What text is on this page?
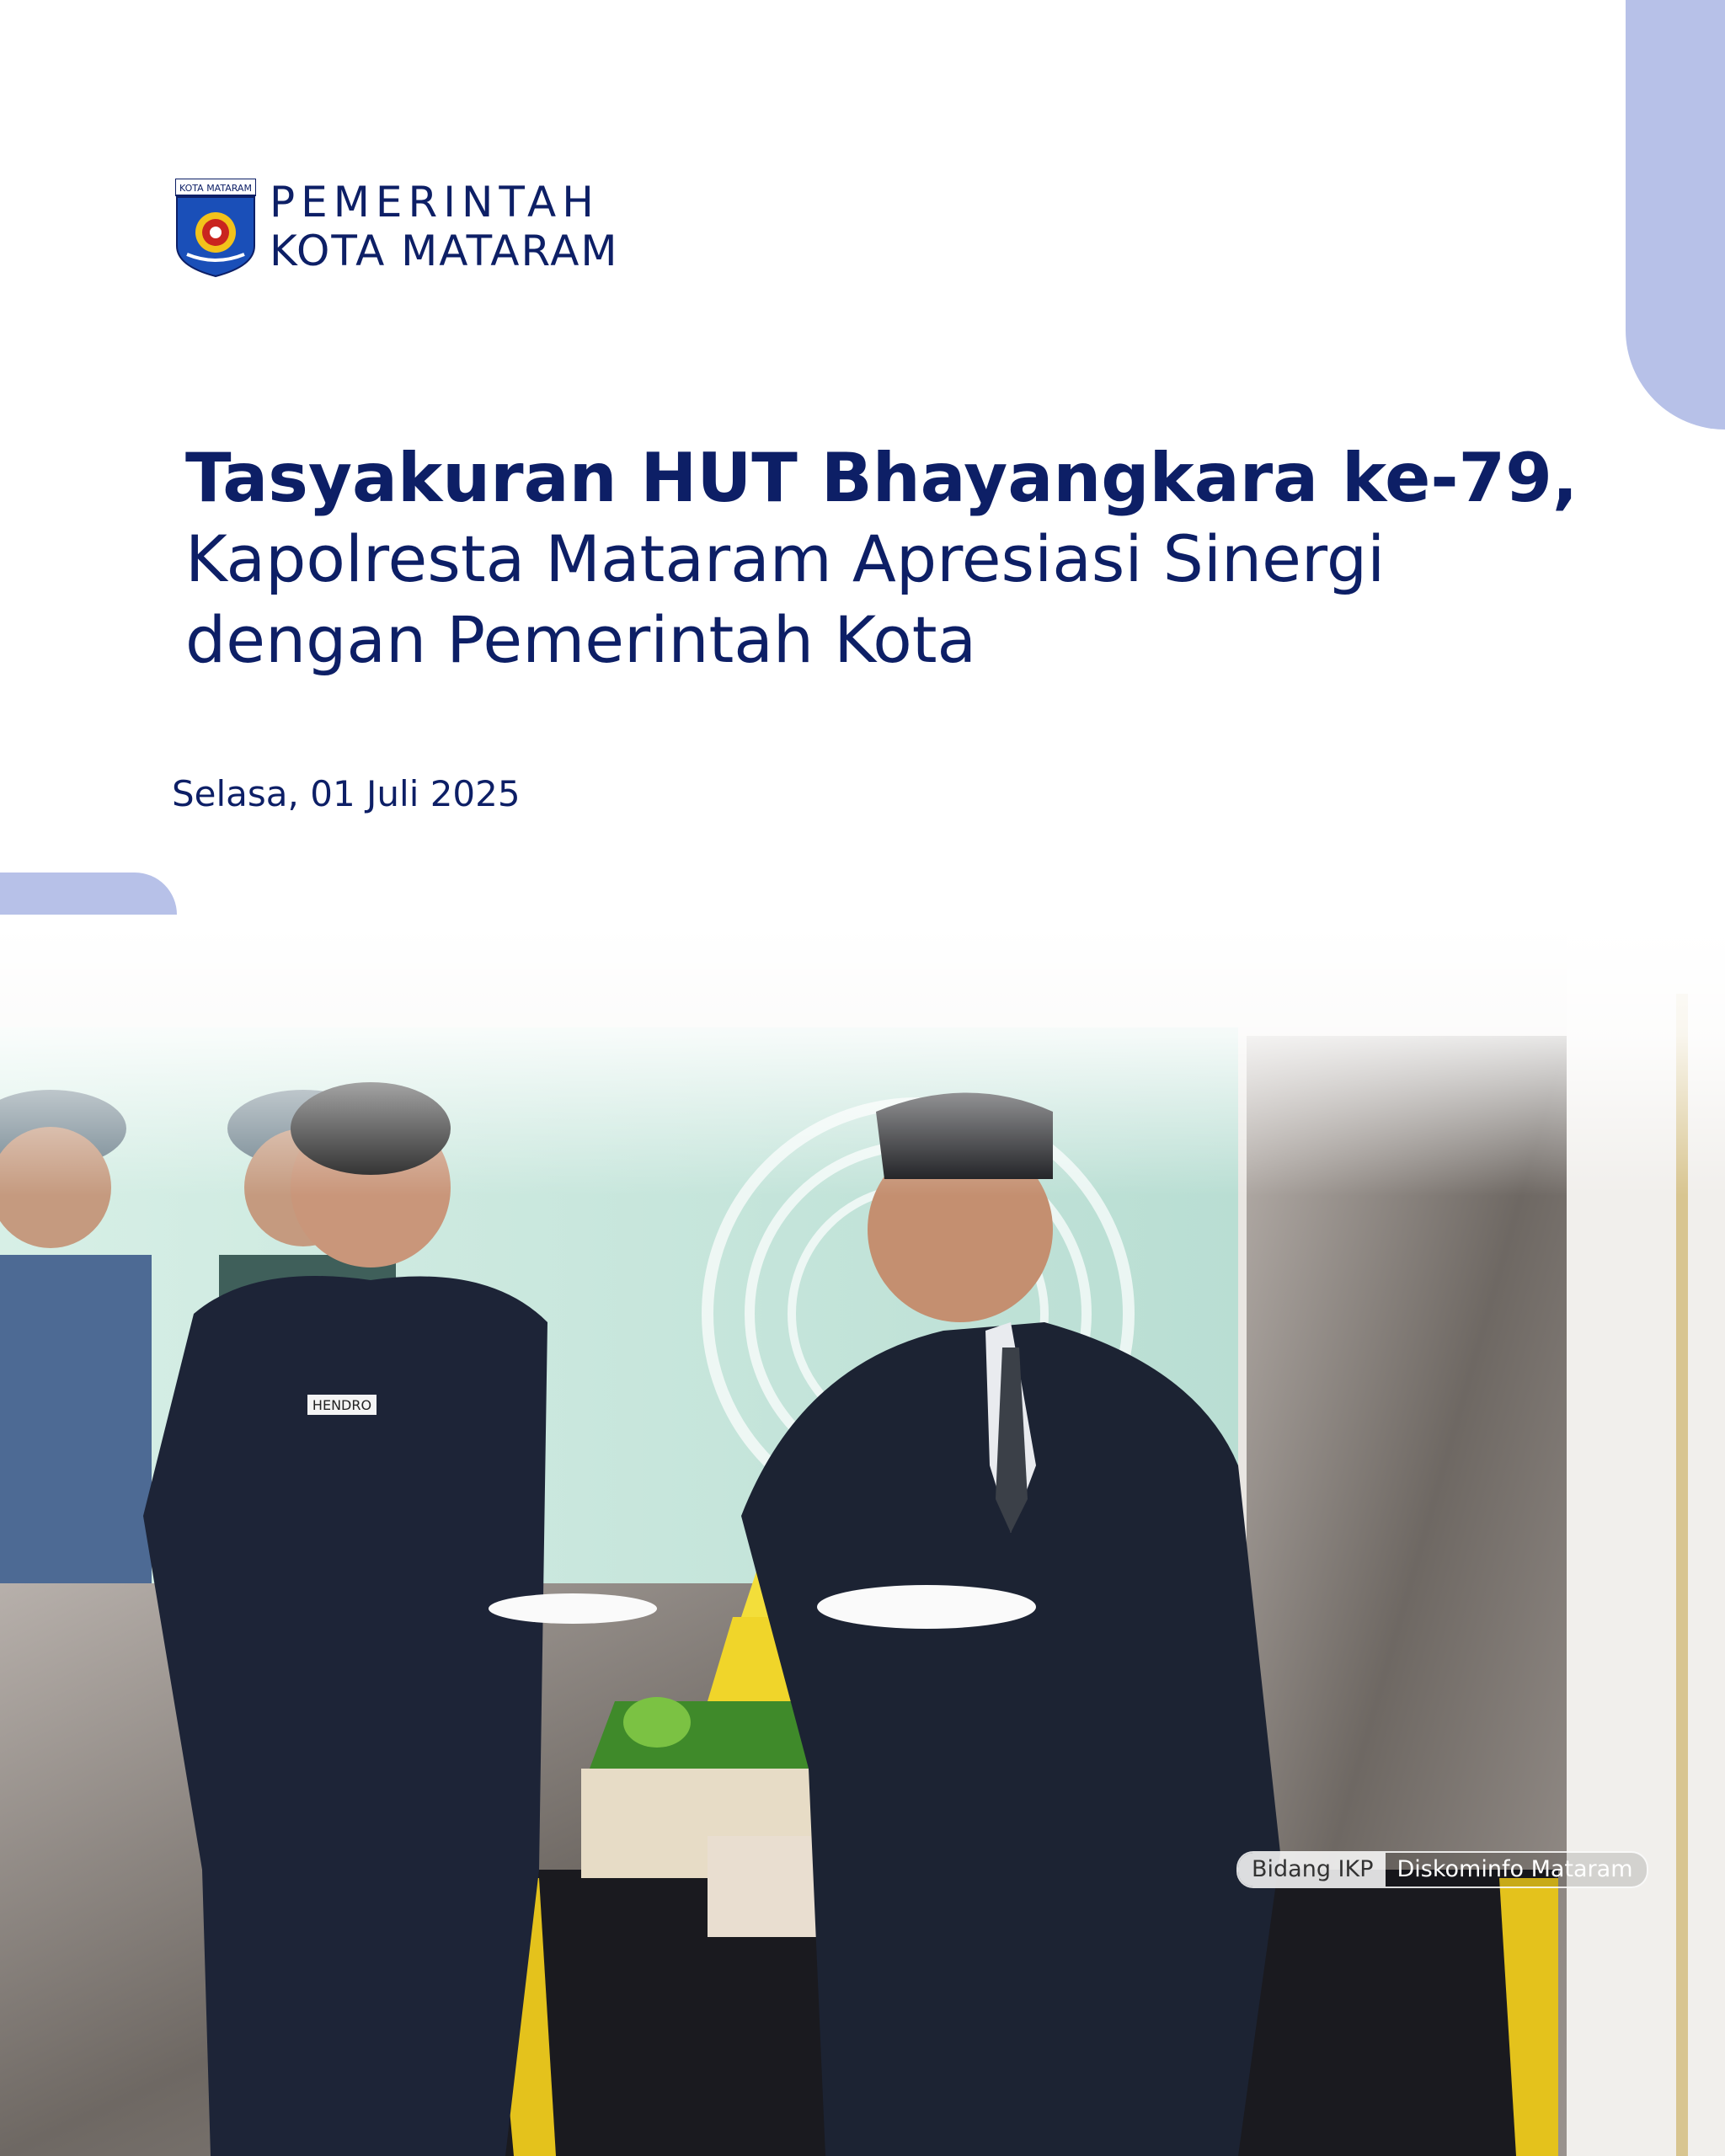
KOTA MATARAM PEMERINTAH
KOTA MATARAM
Tasyakuran HUT Bhayangkara ke-79,
Kapolresta Mataram Apresiasi Sinergi
dengan Pemerintah Kota
Selasa, 01 Juli 2025
HENDRO
Bidang IKP	Diskominfo Mataram
